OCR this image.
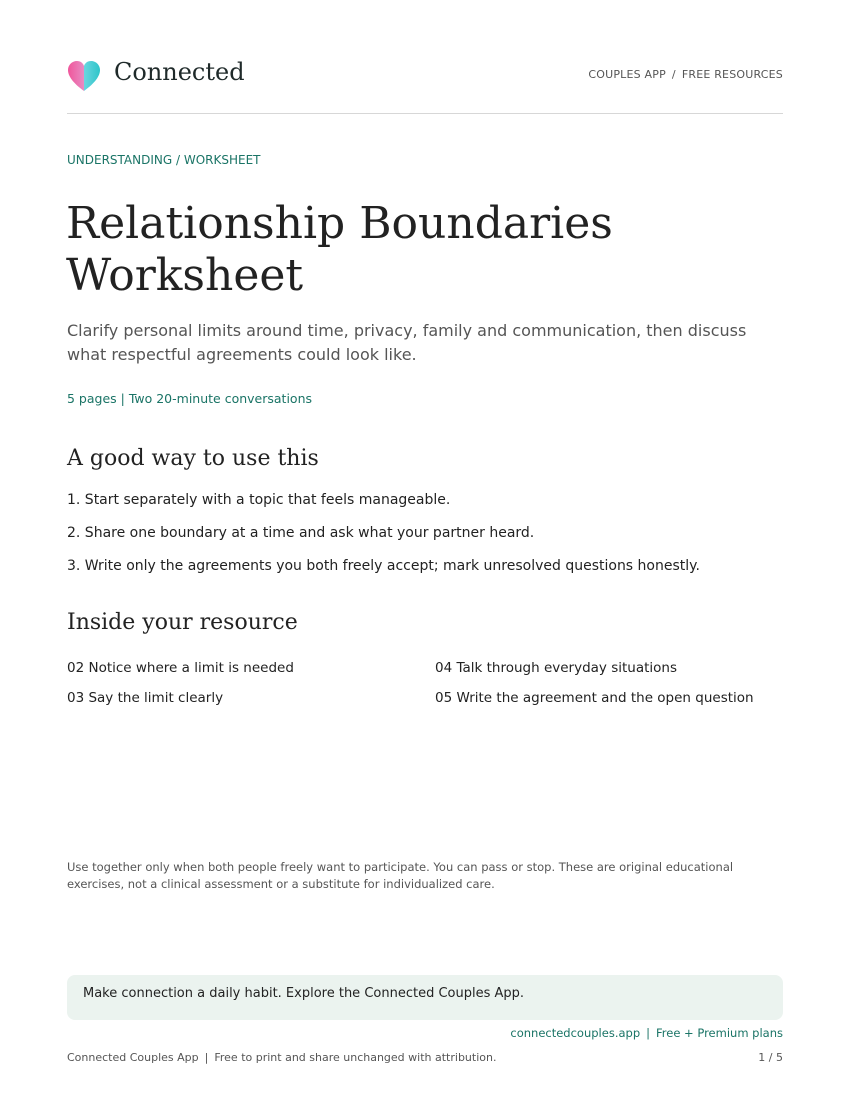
Connected	COUPLES APP / FREE RESOURCES
UNDERSTANDING / WORKSHEET
Relationship Boundaries Worksheet

Clarify personal limits around time, privacy, family and communication, then discuss what respectful agreements could look like.

5 pages | Two 20-minute conversations
A good way to use this
1. Start separately with a topic that feels manageable.
2. Share one boundary at a time and ask what your partner heard.
3. Write only the agreements you both freely accept; mark unresolved questions honestly.
Inside your resource
02 Notice where a limit is needed
03 Say the limit clearly
04 Talk through everyday situations
05 Write the agreement and the open question

Use together only when both people freely want to participate. You can pass or stop. These are original educational exercises, not a clinical assessment or a substitute for individualized care.

Make connection a daily habit. Explore the Connected Couples App.
connectedcouples.app | Free + Premium plans
Connected Couples App | Free to print and share unchanged with attribution.	1 / 5
